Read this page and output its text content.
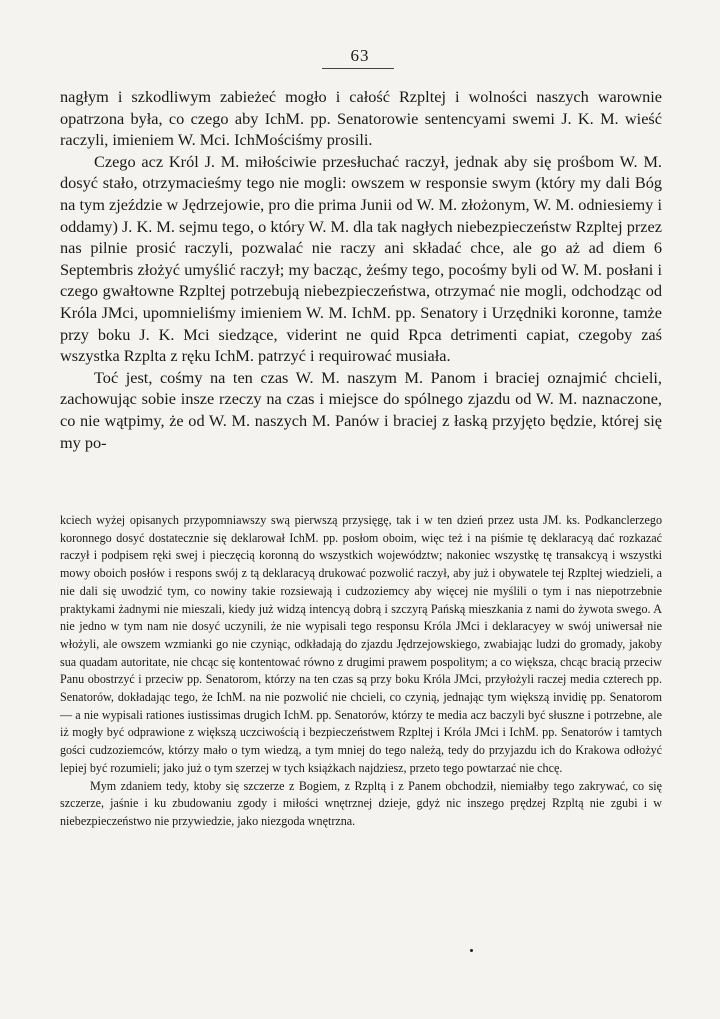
63

nagłym i szkodliwym zabieżeć mogło i całość Rzpltej i wolności naszych warownie opatrzona była, co czego aby IchM. pp. Senatorowie sentencyami swemi J. K. M. wieść raczyli, imieniem W. Mci. IchMościśmy prosili.

Czego acz Król J. M. miłościwie przesłuchać raczył, jednak aby się prośbom W. M. dosyć stało, otrzymacieśmy tego nie mogli: owszem w responsie swym (który my dali Bóg na tym zjeździe w Jędrzejowie, pro die prima Junii od W. M. złożonym, W. M. odniesiemy i oddamy) J. K. M. sejmu tego, o który W. M. dla tak nagłych niebezpieczeństw Rzpltej przez nas pilnie prosić raczyli, pozwalać nie raczy ani składać chce, ale go aż ad diem 6 Septembris złożyć umyślić raczył; my bacząc, żeśmy tego, pocośmy byli od W. M. posłani i czego gwałtowne Rzpltej potrzebują niebezpieczeństwa, otrzymać nie mogli, odchodząc od Króla JMci, upomnieliśmy imieniem W. M. IchM. pp. Senatory i Urzędniki koronne, tamże przy boku J. K. Mci siedzące, viderint ne quid Rpca detrimenti capiat, czegoby zaś wszystka Rzplta z ręku IchM. patrzyć i requirować musiała.

Toć jest, cośmy na ten czas W. M. naszym M. Panom i braciej oznajmić chcieli, zachowując sobie insze rzeczy na czas i miejsce do spólnego zjazdu od W. M. naznaczone, co nie wątpimy, że od W. M. naszych M. Panów i braciej z łaską przyjęto będzie, której się my po-

kciech wyżej opisanych przypomniawszy swą pierwszą przysięgę, tak i w ten dzień przez usta JM. ks. Podkanclerzego koronnego dosyć dostatecznie się deklarował IchM. pp. posłom oboim, więc też i na piśmie tę deklaracyą dać rozkazać raczył i podpisem ręki swej i pieczęcią koronną do wszystkich województw; nakoniec wszystkę tę transakcyą i wszystki mowy oboich posłów i respons swój z tą deklaracyą drukować pozwolić raczył, aby już i obywatele tej Rzpltej wiedzieli, a nie dali się uwodzić tym, co nowiny takie rozsiewają i cudzoziemcy aby więcej nie myślili o tym i nas niepotrzebnie praktykami żadnymi nie mieszali, kiedy już widzą intencyą dobrą i szczyrą Pańską mieszkania z nami do żywota swego. A nie jedno w tym nam nie dosyć uczynili, że nie wypisali tego responsu Króla JMci i deklaracyey w swój uniwersał nie włożyli, ale owszem wzmianki go nie czyniąc, odkładają do zjazdu Jędrzejowskiego, zwabiając ludzi do gromady, jakoby sua quadam autoritate, nie chcąc się kontentować równo z drugimi prawem pospolitym; a co większa, chcąc bracią przeciw Panu obostrzyć i przeciw pp. Senatorom, którzy na ten czas są przy boku Króla JMci, przyłożyli raczej media czterech pp. Senatorów, dokładając tego, że IchM. na nie pozwolić nie chcieli, co czynią, jednając tym większą invidię pp. Senatorom — a nie wypisali rationes iustissimas drugich IchM. pp. Senatorów, którzy te media acz baczyli być słuszne i potrzebne, ale iż mogły być odprawione z większą uczciwością i bezpieczeństwem Rzpltej i Króla JMci i IchM. pp. Senatorów i tamtych gości cudzoziemców, którzy mało o tym wiedzą, a tym mniej do tego należą, tedy do przyjazdu ich do Krakowa odłożyć lepiej być rozumieli; jako już o tym szerzej w tych książkach najdziesz, przeto tego powtarzać nie chcę.

Mym zdaniem tedy, ktoby się szczerze z Bogiem, z Rzpltą i z Panem obchodził, niemiałby tego zakrywać, co się szczerze, jaśnie i ku zbudowaniu zgody i miłości wnętrznej dzieje, gdyż nic inszego prędzej Rzpltą nie zgubi i w niebezpieczeństwo nie przywiedzie, jako niezgoda wnętrzna.
